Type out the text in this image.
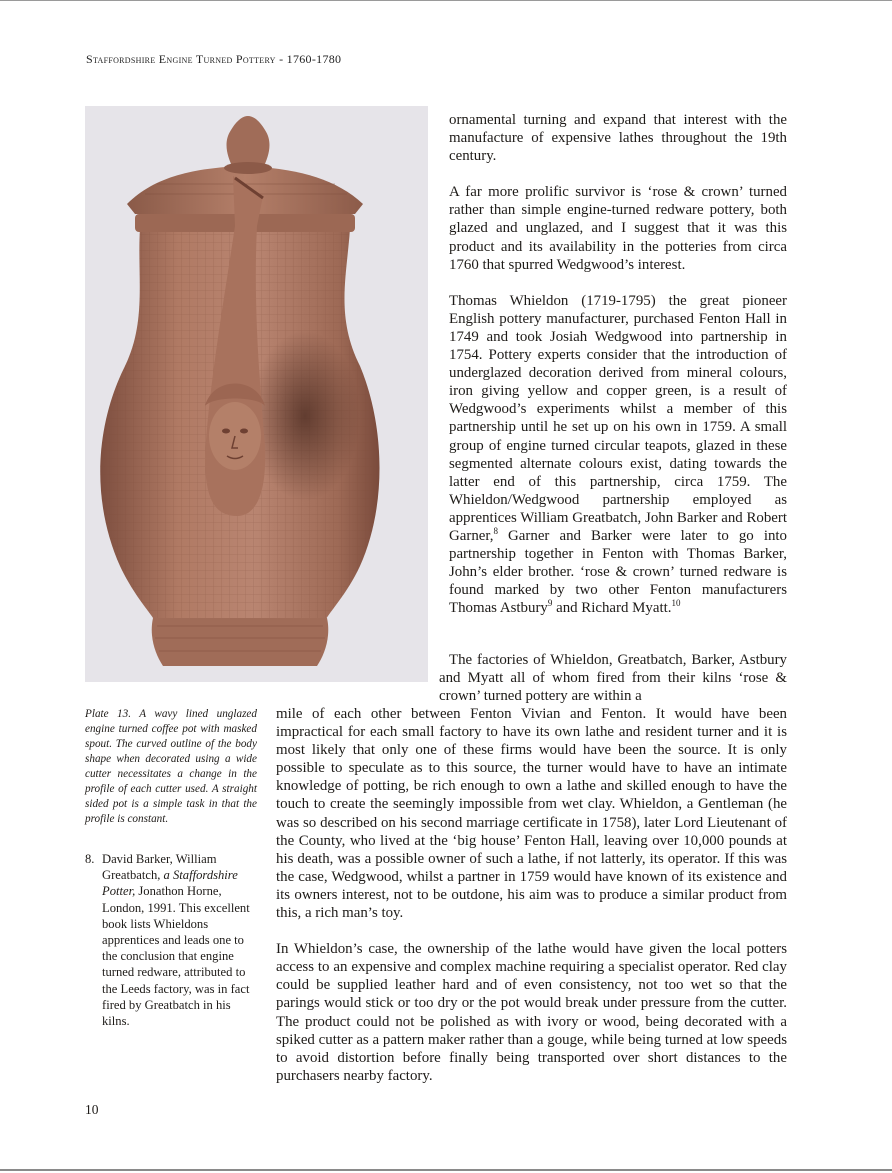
Staffordshire Engine Turned Pottery - 1760-1780

ornamental turning and expand that interest with the manufacture of expensive lathes throughout the 19th century.

A far more prolific survivor is ‘rose & crown’ turned rather than simple engine-turned redware pottery, both glazed and unglazed, and I suggest that it was this product and its availability in the potteries from circa 1760 that spurred Wedgwood’s interest.

Thomas Whieldon (1719-1795) the great pioneer English pottery manufacturer, purchased Fenton Hall in 1749 and took Josiah Wedgwood into partnership in 1754. Pottery experts consider that the introduction of underglazed decoration derived from mineral colours, iron giving yellow and copper green, is a result of Wedgwood’s experiments whilst a member of this partnership until he set up on his own in 1759. A small group of engine turned circular teapots, glazed in these segmented alternate colours exist, dating towards the latter end of this partnership, circa 1759. The Whieldon/Wedgwood partnership employed as apprentices William Greatbatch, John Barker and Robert Garner,$^8$ Garner and Barker were later to go into partnership together in Fenton with Thomas Barker, John’s elder brother. ‘rose & crown’ turned redware is found marked by two other Fenton manufacturers Thomas Astbury$^9$ and Richard Myatt.$^{10}$

The factories of Whieldon, Greatbatch, Barker, Astbury and Myatt all of whom fired from their kilns ‘rose & crown’ turned pottery are within a

mile of each other between Fenton Vivian and Fenton. It would have been impractical for each small factory to have its own lathe and resident turner and it is most likely that only one of these firms would have been the source. It is only possible to speculate as to this source, the turner would have to have an intimate knowledge of potting, be rich enough to own a lathe and skilled enough to have the touch to create the seemingly impossible from wet clay. Whieldon, a Gentleman (he was so described on his second marriage certificate in 1758), later Lord Lieutenant of the County, who lived at the ‘big house’ Fenton Hall, leaving over 10,000 pounds at his death, was a possible owner of such a lathe, if not latterly, its operator. If this was the case, Wedgwood, whilst a partner in 1759 would have known of its existence and its owners interest, not to be outdone, his aim was to produce a similar product from this, a rich man’s toy.

In Whieldon’s case, the ownership of the lathe would have given the local potters access to an expensive and complex machine requiring a specialist operator. Red clay could be supplied leather hard and of even consistency, not too wet so that the parings would stick or too dry or the pot would break under pressure from the cutter. The product could not be polished as with ivory or wood, being decorated with a spiked cutter as a pattern maker rather than a gouge, while being turned at low speeds to avoid distortion before finally being transported over short distances to the purchasers nearby factory.

Plate 13. A wavy lined unglazed engine turned coffee pot with masked spout. The curved outline of the body shape when decorated using a wide cutter necessitates a change in the profile of each cutter used. A straight sided pot is a simple task in that the profile is constant.
8. David Barker, William Greatbatch, a Staffordshire Potter, Jonathon Horne, London, 1991. This excellent book lists Whieldons apprentices and leads one to the conclusion that engine turned redware, attributed to the Leeds factory, was in fact fired by Greatbatch in his kilns.
10
